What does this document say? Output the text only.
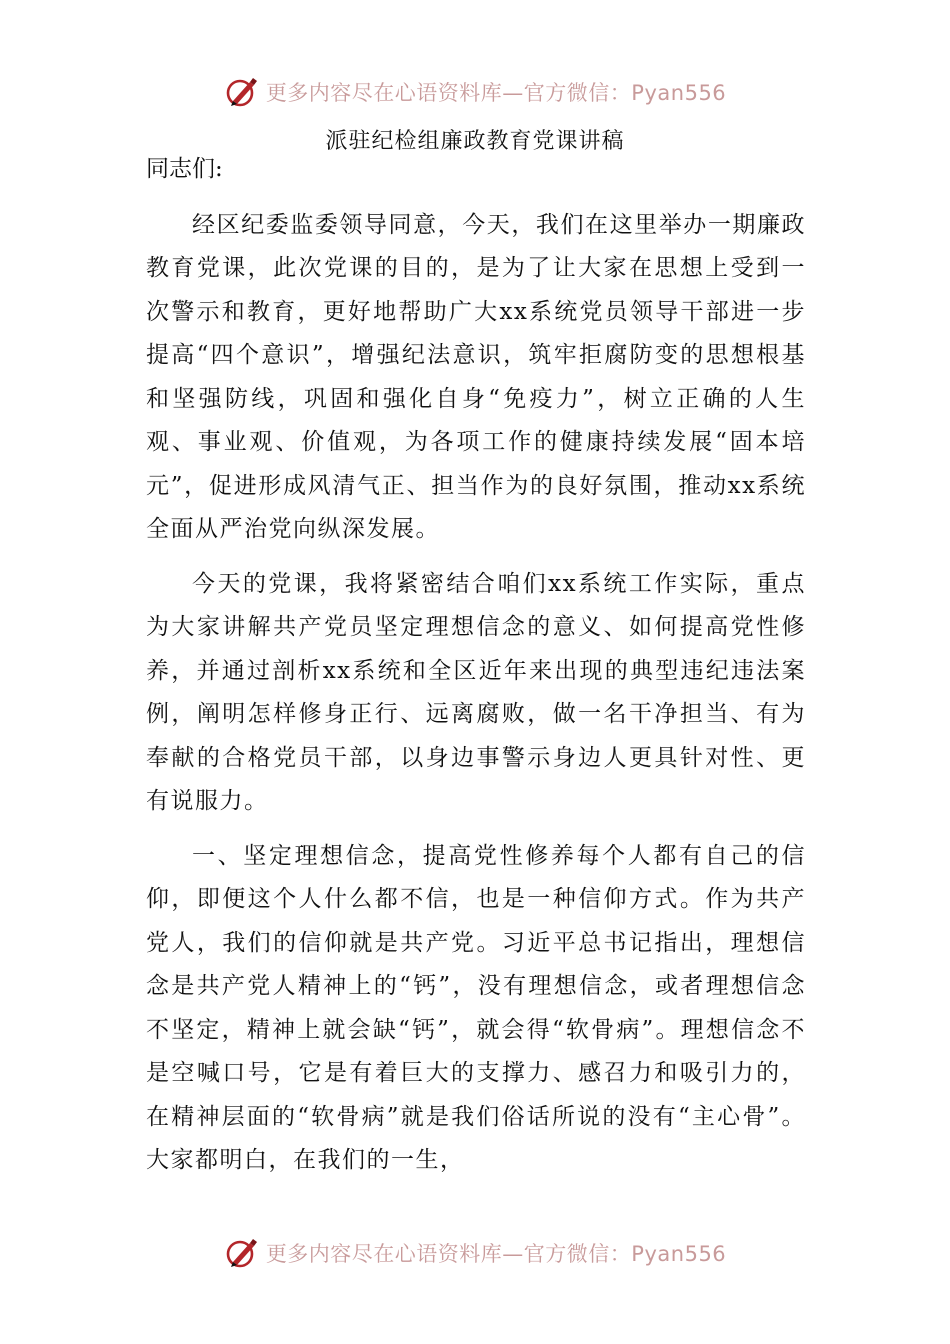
更多内容尽在心语资料库—官方微信：Pyan556
派驻纪检组廉政教育党课讲稿

同志们:

经区纪委监委领导同意，今天，我们在这里举办一期廉政教育党课，此次党课的目的，是为了让大家在思想上受到一次警示和教育，更好地帮助广大xx系统党员领导干部进一步提高“四个意识”，增强纪法意识，筑牢拒腐防变的思想根基和坚强防线，巩固和强化自身“免疫力”，树立正确的人生观、事业观、价值观，为各项工作的健康持续发展“固本培元”，促进形成风清气正、担当作为的良好氛围，推动xx系统全面从严治党向纵深发展。

今天的党课，我将紧密结合咱们xx系统工作实际，重点为大家讲解共产党员坚定理想信念的意义、如何提高党性修养，并通过剖析xx系统和全区近年来出现的典型违纪违法案例，阐明怎样修身正行、远离腐败，做一名干净担当、有为奉献的合格党员干部，以身边事警示身边人更具针对性、更有说服力。

一、坚定理想信念，提高党性修养每个人都有自己的信仰，即便这个人什么都不信，也是一种信仰方式。作为共产党人，我们的信仰就是共产党。习近平总书记指出，理想信念是共产党人精神上的“钙”，没有理想信念，或者理想信念不坚定，精神上就会缺“钙”，就会得“软骨病”。理想信念不是空喊口号，它是有着巨大的支撑力、感召力和吸引力的，在精神层面的“软骨病”就是我们俗话所说的没有“主心骨”。大家都明白，在我们的一生，

更多内容尽在心语资料库—官方微信：Pyan556
